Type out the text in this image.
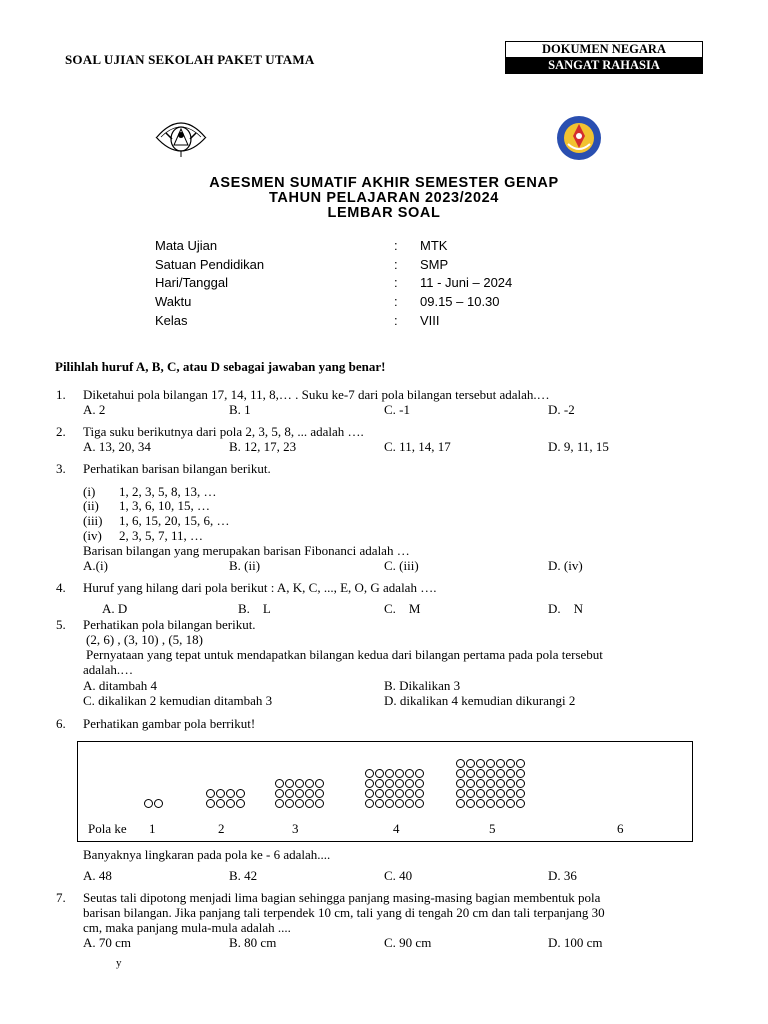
SOAL UJIAN SEKOLAH PAKET UTAMA
DOKUMEN NEGARA
SANGAT RAHASIA
ASESMEN SUMATIF AKHIR SEMESTER GENAP
TAHUN PELAJARAN 2023/2024
LEMBAR SOAL
Mata Ujian	: MTK
Satuan Pendidikan	: SMP
Hari/Tanggal	: 11 - Juni – 2024
Waktu	: 09.15 – 10.30
Kelas	: VIII
Pilihlah huruf A, B, C, atau D sebagai jawaban yang benar!
1. Diketahui pola bilangan 17, 14, 11, 8,… . Suku ke-7 dari pola bilangan tersebut adalah.…
A. 2	B. 1	C. -1	D. -2
2. Tiga suku berikutnya dari pola 2, 3, 5, 8, ... adalah ….
A. 13, 20, 34	B. 12, 17, 23	C. 11, 14, 17	D. 9, 11, 15
3. Perhatikan barisan bilangan berikut.
(i) 1, 2, 3, 5, 8, 13, …
(ii) 1, 3, 6, 10, 15, …
(iii) 1, 6, 15, 20, 15, 6, …
(iv) 2, 3, 5, 7, 11, …
Barisan bilangan yang merupakan barisan Fibonanci adalah …
A.(i)	B. (ii)	C. (iii)	D. (iv)
4. Huruf yang hilang dari pola berikut : A, K, C, ..., E, O, G adalah ….
A. D	B.    L	C.    M	D.    N
5. Perhatikan pola bilangan berikut.
(2, 6) , (3, 10) , (5, 18)
Pernyataan yang tepat untuk mendapatkan bilangan kedua dari bilangan pertama pada pola tersebut
adalah.…
A. ditambah 4	B. Dikalikan 3
C. dikalikan 2 kemudian ditambah 3	D. dikalikan 4 kemudian dikurangi 2
6. Perhatikan gambar pola berrikut!
Pola ke 1	2	3	4	5	6
Banyaknya lingkaran pada pola ke - 6 adalah....
A. 48	B. 42	C. 40	D. 36
7. Seutas tali dipotong menjadi lima bagian sehingga panjang masing-masing bagian membentuk pola
barisan bilangan. Jika panjang tali terpendek 10 cm, tali yang di tengah 20 cm dan tali terpanjang 30
cm, maka panjang mula-mula adalah ....
A. 70 cm	B. 80 cm	C. 90 cm	D. 100 cm
y
